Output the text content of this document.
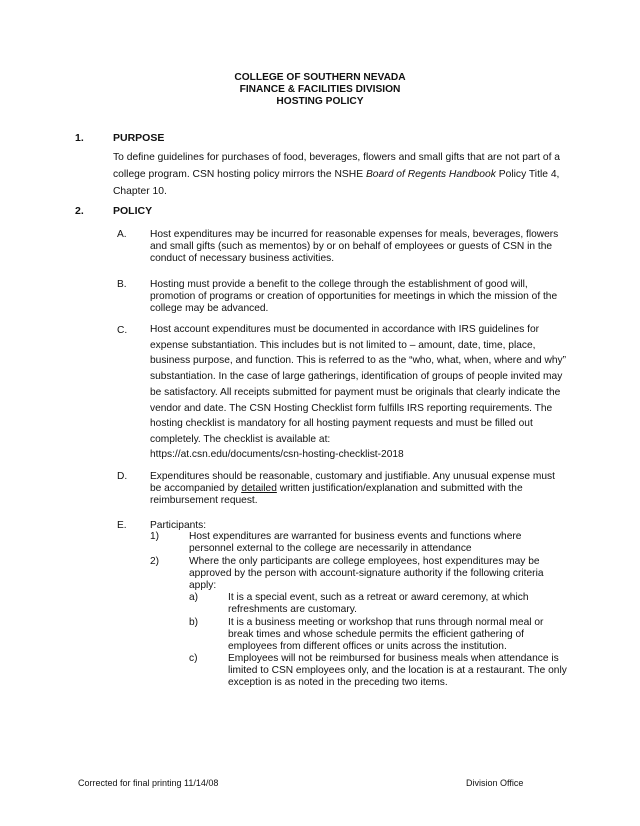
COLLEGE OF SOUTHERN NEVADA
FINANCE & FACILITIES DIVISION
HOSTING POLICY
1.	PURPOSE
To define guidelines for purchases of food, beverages, flowers and small gifts that are not part of a college program. CSN hosting policy mirrors the NSHE Board of Regents Handbook Policy Title 4, Chapter 10.
2.	POLICY
A. Host expenditures may be incurred for reasonable expenses for meals, beverages, flowers and small gifts (such as mementos) by or on behalf of employees or guests of CSN in the conduct of necessary business activities.
B. Hosting must provide a benefit to the college through the establishment of good will, promotion of programs or creation of opportunities for meetings in which the mission of the college may be advanced.
C. Host account expenditures must be documented in accordance with IRS guidelines for expense substantiation. This includes but is not limited to – amount, date, time, place, business purpose, and function. This is referred to as the “who, what, when, where and why” substantiation. In the case of large gatherings, identification of groups of people invited may be satisfactory. All receipts submitted for payment must be originals that clearly indicate the vendor and date. The CSN Hosting Checklist form fulfills IRS reporting requirements. The hosting checklist is mandatory for all hosting payment requests and must be filled out completely. The checklist is available at:
https://at.csn.edu/documents/csn-hosting-checklist-2018
D. Expenditures should be reasonable, customary and justifiable. Any unusual expense must be accompanied by detailed written justification/explanation and submitted with the reimbursement request.
E. Participants:
1)	Host expenditures are warranted for business events and functions where personnel external to the college are necessarily in attendance
2)	Where the only participants are college employees, host expenditures may be approved by the person with account-signature authority if the following criteria apply:
a)	It is a special event, such as a retreat or award ceremony, at which refreshments are customary.
b)	It is a business meeting or workshop that runs through normal meal or break times and whose schedule permits the efficient gathering of employees from different offices or units across the institution.
c)	Employees will not be reimbursed for business meals when attendance is limited to CSN employees only, and the location is at a restaurant. The only exception is as noted in the preceding two items.
Corrected for final printing 11/14/08	Division Office
